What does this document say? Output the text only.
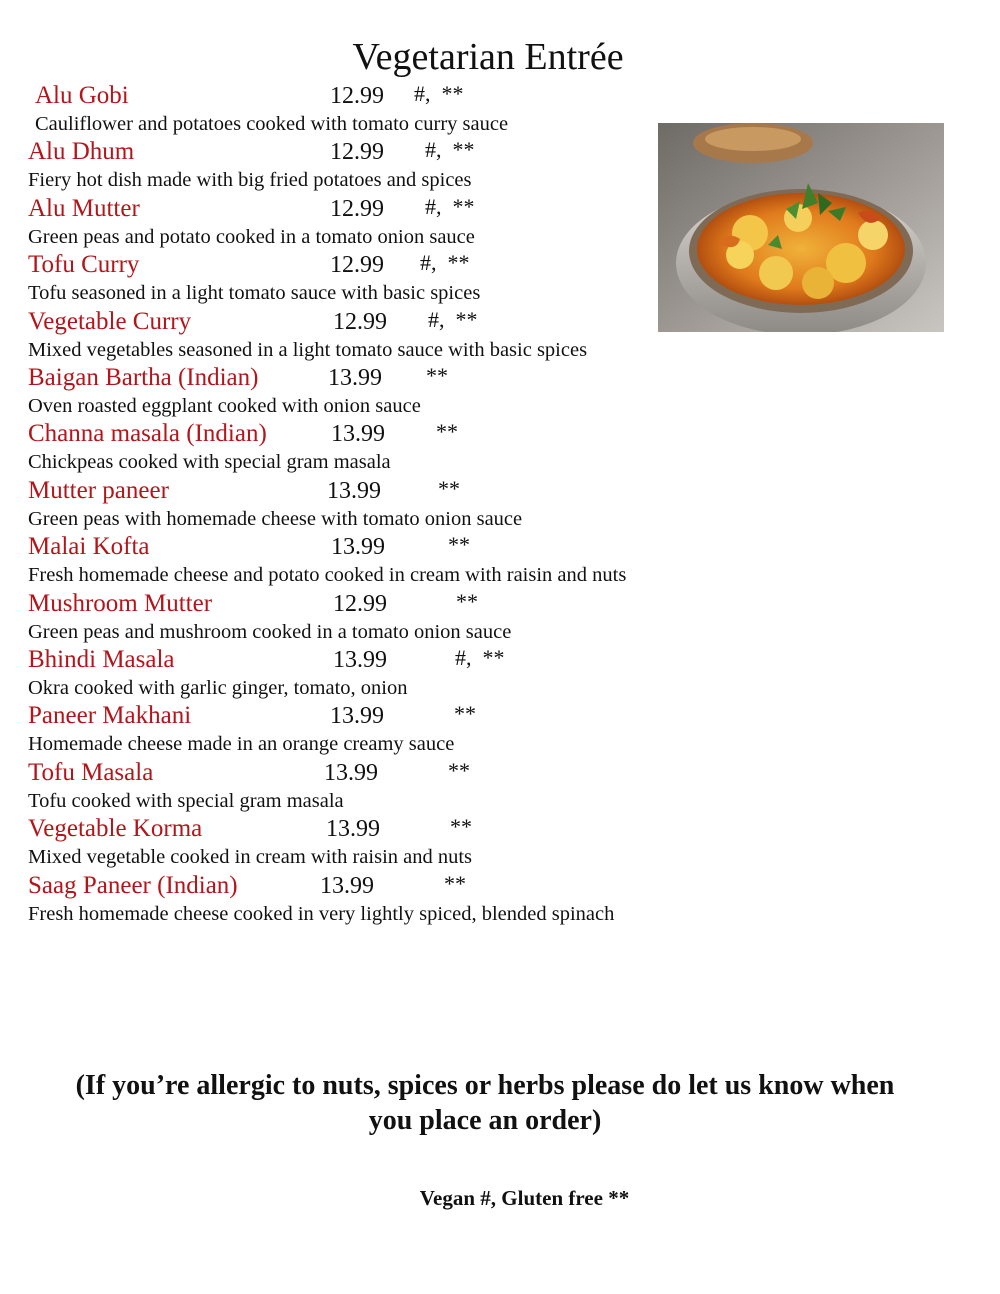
Vegetarian Entrée
Alu Gobi	12.99 #,  **
Cauliflower and potatoes cooked with tomato curry sauce
Alu Dhum	12.99 #,  **
Fiery hot dish made with big fried potatoes and spices
Alu Mutter	12.99 #,  **
Green peas and potato cooked in a tomato onion sauce
Tofu Curry	12.99 #,  **
Tofu seasoned in a light tomato sauce with basic spices
Vegetable Curry	12.99 #,  **
Mixed vegetables seasoned in a light tomato sauce with basic spices
Baigan Bartha (Indian)	13.99 **
Oven roasted eggplant cooked with onion sauce
Channa masala (Indian)	13.99 **
Chickpeas cooked with special gram masala
Mutter paneer	13.99	**
Green peas with homemade cheese with tomato onion sauce
Malai Kofta	13.99	**
Fresh homemade cheese and potato cooked in cream with raisin and nuts
Mushroom Mutter	12.99	**
Green peas and mushroom cooked in a tomato onion sauce
Bhindi Masala	13.99	#,  **
Okra cooked with garlic ginger, tomato, onion
Paneer Makhani	13.99	**
Homemade cheese made in an orange creamy sauce
Tofu Masala	13.99	**
Tofu cooked with special gram masala
Vegetable Korma	13.99	**
Mixed vegetable cooked in cream with raisin and nuts
Saag Paneer (Indian)	13.99	**
Fresh homemade cheese cooked in very lightly spiced, blended spinach
(If you’re allergic to nuts, spices or herbs please do let us know when
you place an order)
Vegan #, Gluten free **
